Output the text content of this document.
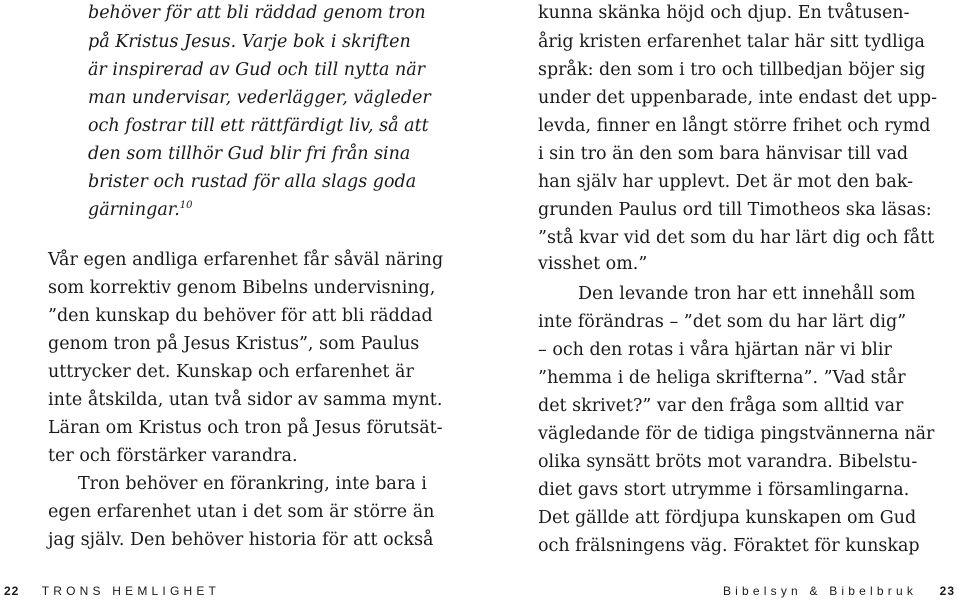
behöver för att bli räddad genom tron
på Kristus Jesus. Varje bok i skriften
är inspirerad av Gud och till nytta när
man undervisar, vederlägger, vägleder
och fostrar till ett rättfärdigt liv, så att
den som tillhör Gud blir fri från sina
brister och rustad för alla slags goda
gärningar.$^{10}$
Vår egen andliga erfarenhet får såväl näring
som korrektiv genom Bibelns undervisning,
”den kunskap du behöver för att bli räddad
genom tron på Jesus Kristus”, som Paulus
uttrycker det. Kunskap och erfarenhet är
inte åtskilda, utan två sidor av samma mynt.
Läran om Kristus och tron på Jesus förutsät-
ter och förstärker varandra.
Tron behöver en förankring, inte bara i
egen erfarenhet utan i det som är större än
jag själv. Den behöver historia för att också
kunna skänka höjd och djup. En tvåtusen-
årig kristen erfarenhet talar här sitt tydliga
språk: den som i tro och tillbedjan böjer sig
under det uppenbarade, inte endast det upp-
levda, finner en långt större frihet och rymd
i sin tro än den som bara hänvisar till vad
han själv har upplevt. Det är mot den bak-
grunden Paulus ord till Timotheos ska läsas:
”stå kvar vid det som du har lärt dig och fått
visshet om.”
Den levande tron har ett innehåll som
inte förändras – ”det som du har lärt dig”
– och den rotas i våra hjärtan när vi blir
”hemma i de heliga skrifterna”. ”Vad står
det skrivet?” var den fråga som alltid var
vägledande för de tidiga pingstvännerna när
olika synsätt bröts mot varandra. Bibelstu-
diet gavs stort utrymme i församlingarna.
Det gällde att fördjupa kunskapen om Gud
och frälsningens väg. Föraktet för kunskap
22 TRONS HEMLIGHET	Bibelsyn & Bibelbruk 23
